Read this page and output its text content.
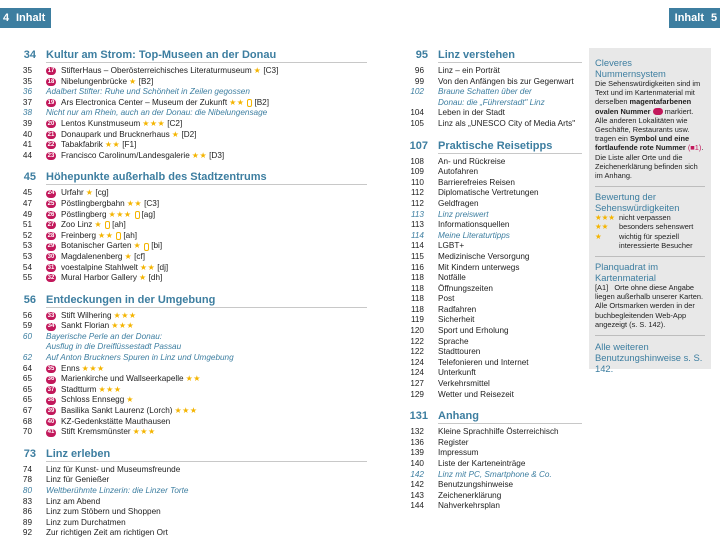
4 Inhalt	Inhalt 5
34 Kultur am Strom: Top-Museen an der Donau
35	17 StifterHaus – Oberösterreichisches Literaturmuseum ★ [C3]
35	18 Nibelungenbrücke ★ [B2]
36	Adalbert Stifter: Ruhe und Schönheit in Zeilen gegossen
37	19 Ars Electronica Center – Museum der Zukunft ★★ [B2]
38	Nicht nur am Rhein, auch an der Donau: die Nibelungensage
39	20 Lentos Kunstmuseum ★★★ [C2]
40	21 Donaupark und Brucknerhaus ★ [D2]
41	22 Tabakfabrik ★★ [F1]
44	23 Francisco Carolinum/Landesgalerie ★★ [D3]
45 Höhepunkte außerhalb des Stadtzentrums
45	24 Urfahr ★ [cg]
47	25 Pöstlingbergbahn ★★ [C3]
49	26 Pöstlingberg ★★★ [ag]
51	27 Zoo Linz ★ [ah]
52	28 Freinberg ★★ [ah]
53	29 Botanischer Garten ★ [bi]
53	30 Magdalenenberg ★ [cf]
54	31 voestalpine Stahlwelt ★★ [dj]
55	32 Mural Harbor Gallery ★ [dh]
56 Entdeckungen in der Umgebung
56	33 Stift Wilhering ★★★
59	34 Sankt Florian ★★★
60	Bayerische Perle an der Donau:
Ausflug in die Dreiflüssestadt Passau
62	Auf Anton Bruckners Spuren in Linz und Umgebung
64	35 Enns ★★★
65	36 Marienkirche und Wallseerkapelle ★★
65	37 Stadtturm ★★★
65	38 Schloss Ennsegg ★
67	39 Basilika Sankt Laurenz (Lorch) ★★★
68	40 KZ-Gedenkstätte Mauthausen
70	41 Stift Kremsmünster ★★★
73 Linz erleben
74	Linz für Kunst- und Museumsfreunde
78	Linz für Genießer
80	Weltberühmte Linzerin: die Linzer Torte
83	Linz am Abend
86	Linz zum Stöbern und Shoppen
89	Linz zum Durchatmen
92	Zur richtigen Zeit am richtigen Ort
95 Linz verstehen
96	Linz – ein Porträt
99	Von den Anfängen bis zur Gegenwart
102	Braune Schatten über der
Donau: die „Führerstadt" Linz
104	Leben in der Stadt
105	Linz als „UNESCO City of Media Arts"
107 Praktische Reisetipps
108	An- und Rückreise
109	Autofahren
110	Barrierefreies Reisen
112	Diplomatische Vertretungen
112	Geldfragen
113	Linz preiswert
113	Informationsquellen
114	Meine Literaturtipps
114	LGBT+
115	Medizinische Versorgung
116	Mit Kindern unterwegs
118	Notfälle
118	Öffnungszeiten
118	Post
118	Radfahren
119	Sicherheit
120	Sport und Erholung
122	Sprache
122	Stadttouren
124	Telefonieren und Internet
124	Unterkunft
127	Verkehrsmittel
129	Wetter und Reisezeit
131 Anhang
132	Kleine Sprachhilfe Österreichisch
136	Register
139	Impressum
140	Liste der Karteneinträge
142	Linz mit PC, Smartphone & Co.
142	Benutzungshinweise
143	Zeichenerklärung
144	Nahverkehrsplan
Cleveres Nummernsystem

Die Sehenswürdigkeiten sind im Text und im Kartenmaterial mit derselben magentafarbenen ovalen Nummer markiert. Alle anderen Lokalitäten wie Geschäfte, Restaurants usw. tragen ein Symbol und eine fortlaufende rote Nummer (■1). Die Liste aller Orte und die Zeichenerklärung befinden sich im Anhang.

Bewertung der Sehenswürdigkeiten
★★★ nicht verpassen
★★	besonders sehenswert
★	wichtig für speziell interessierte Besucher
Planquadrat im Kartenmaterial

[A1] Orte ohne diese Angabe liegen außerhalb unserer Karten. Alle Ortsmarken werden in der buchbegleitenden Web-App angezeigt (s. S. 142).

Alle weiteren Benutzungshinweise s. S. 142.
